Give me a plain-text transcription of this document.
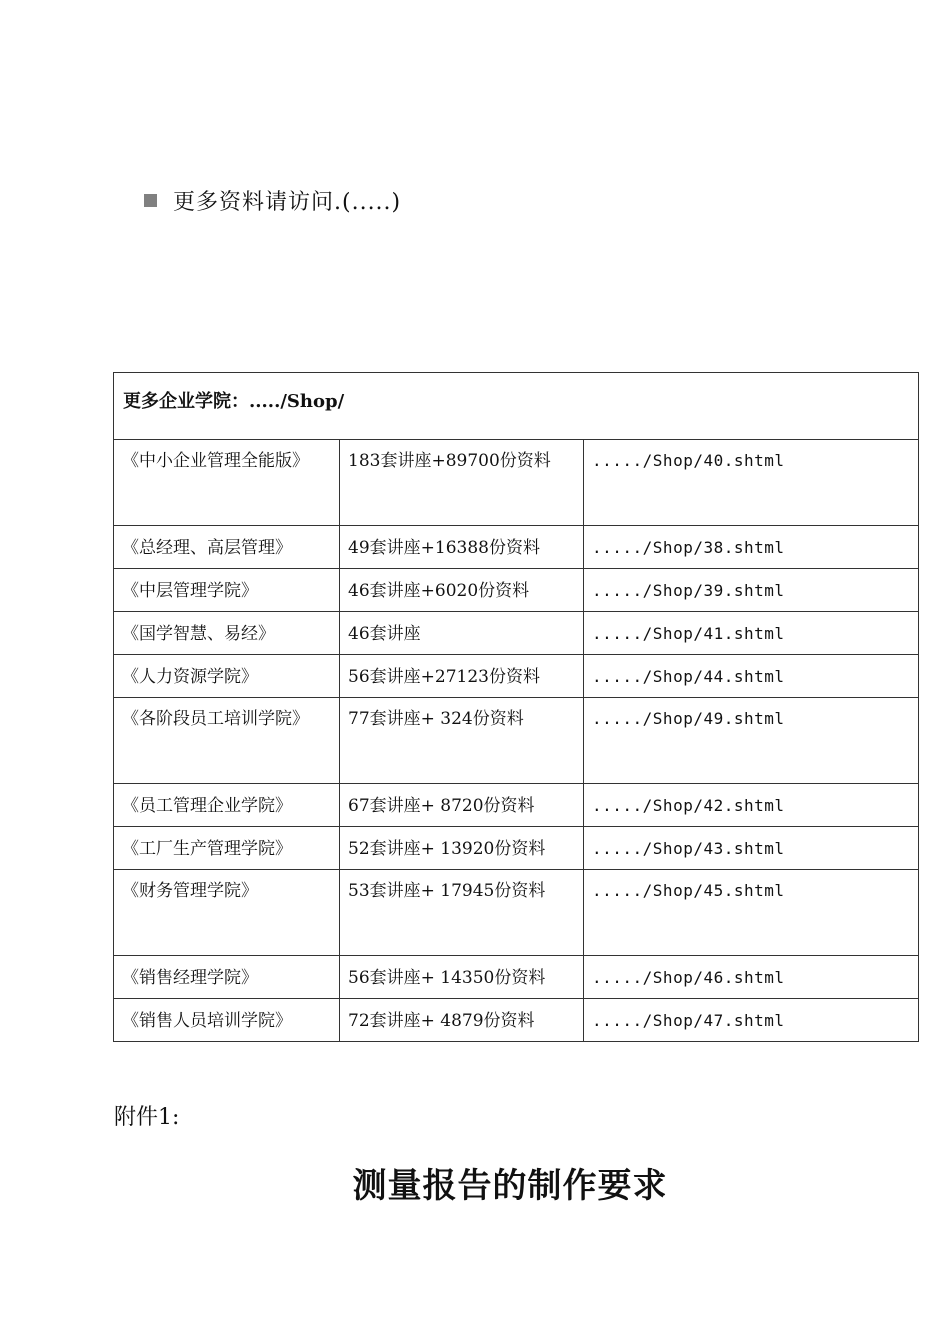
更多资料请访问.(.....)
更多企业学院：...../Shop/		

《中小企业管理全能版》	183套讲座+89700份资料	...../Shop/40.shtml

《总经理、高层管理》	49套讲座+16388份资料	...../Shop/38.shtml

《中层管理学院》	46套讲座+6020份资料	...../Shop/39.shtml

《国学智慧、易经》	46套讲座	...../Shop/41.shtml

《人力资源学院》	56套讲座+27123份资料	...../Shop/44.shtml

《各阶段员工培训学院》	77套讲座+ 324份资料	...../Shop/49.shtml

《员工管理企业学院》	67套讲座+ 8720份资料	...../Shop/42.shtml

《工厂生产管理学院》	52套讲座+ 13920份资料	...../Shop/43.shtml

《财务管理学院》	53套讲座+ 17945份资料	...../Shop/45.shtml

《销售经理学院》	56套讲座+ 14350份资料	...../Shop/46.shtml

《销售人员培训学院》	72套讲座+ 4879份资料	...../Shop/47.shtml
附件1:
测量报告的制作要求
